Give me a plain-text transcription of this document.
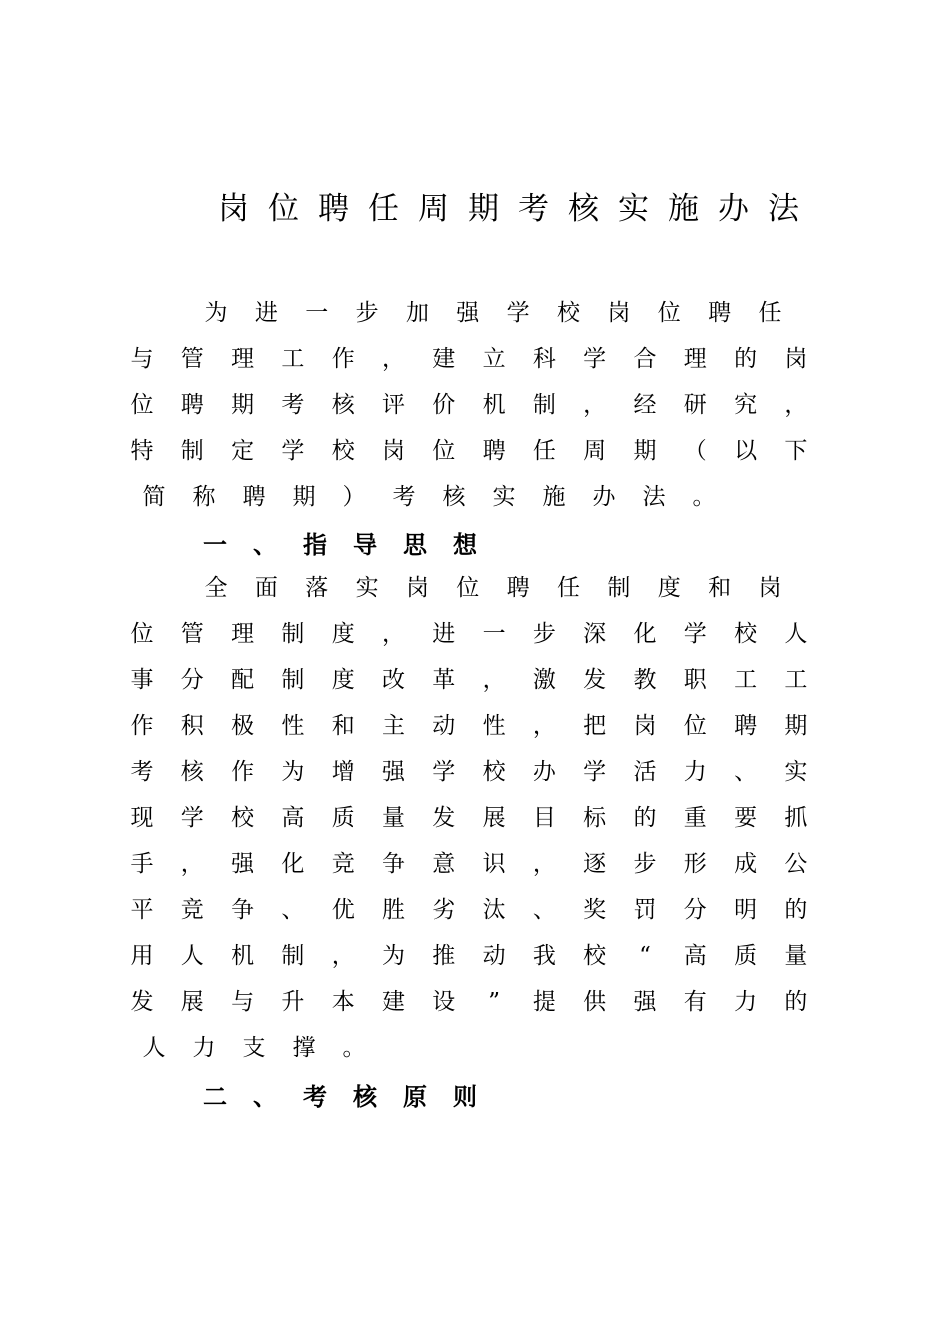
岗 位 聘 任 周 期 考 核 实 施 办 法
为 进 一 步 加 强 学 校 岗 位 聘 任
与 管 理 工 作 ， 建 立 科 学 合 理 的 岗
位 聘 期 考 核 评 价 机 制 ， 经 研 究 ，
特 制 定 学 校 岗 位 聘 任 周 期 （ 以 下
简	称	聘	期	）	考	核	实	施	办	法	。
一	、	指	导	思	想
全 面 落 实 岗 位 聘 任 制 度 和 岗
位 管 理 制 度 ， 进 一 步 深 化 学 校 人
事 分 配 制 度 改 革 ， 激 发 教 职 工 工
作 积 极 性 和 主 动 性 ， 把 岗 位 聘 期
考 核 作 为 增 强 学 校 办 学 活 力 、 实
现 学 校 高 质 量 发 展 目 标 的 重 要 抓
手 ， 强 化 竞 争 意 识 ， 逐 步 形 成 公
平 竞 争 、 优 胜 劣 汰 、 奖 罚 分 明 的
用 人 机 制 ， 为 推 动 我 校	“	高 质 量
发 展 与 升 本 建 设	”	提 供 强 有 力 的
人	力	支	撑	。
二	、	考	核	原	则
